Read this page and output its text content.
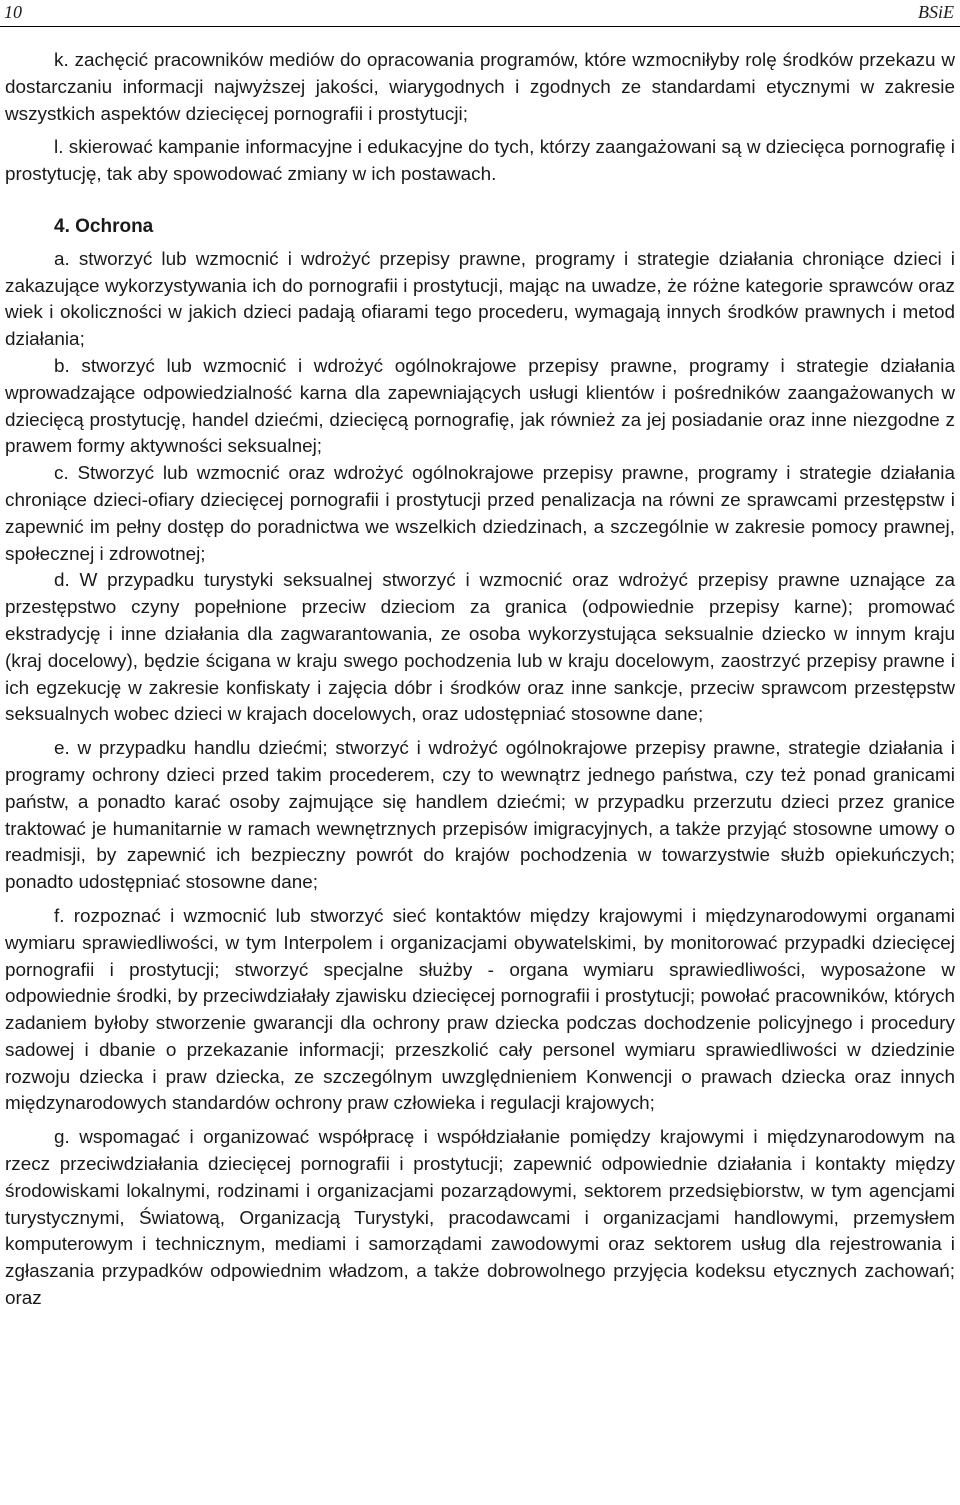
10	BSiE

k. zachęcić pracowników mediów do opracowania programów, które wzmocniłyby rolę środków przekazu w dostarczaniu informacji najwyższej jakości, wiarygodnych i zgodnych ze standardami etycznymi w zakresie wszystkich aspektów dziecięcej pornografii i prostytucji;

l. skierować kampanie informacyjne i edukacyjne do tych, którzy zaangażowani są w dziecięca pornografię i prostytucję, tak aby spowodować zmiany w ich postawach.

4. Ochrona

a. stworzyć lub wzmocnić i wdrożyć przepisy prawne, programy i strategie działania chroniące dzieci i zakazujące wykorzystywania ich do pornografii i prostytucji, mając na uwadze, że różne kategorie sprawców oraz wiek i okoliczności w jakich dzieci padają ofiarami tego procederu, wymagają innych środków prawnych i metod działania;

b. stworzyć lub wzmocnić i wdrożyć ogólnokrajowe przepisy prawne, programy i strategie działania wprowadzające odpowiedzialność karna dla zapewniających usługi klientów i pośredników zaangażowanych w dziecięcą prostytucję, handel dziećmi, dziecięcą pornografię, jak również za jej posiadanie oraz inne niezgodne z prawem formy aktywności seksualnej;

c. Stworzyć lub wzmocnić oraz wdrożyć ogólnokrajowe przepisy prawne, programy i strategie działania chroniące dzieci-ofiary dziecięcej pornografii i prostytucji przed penalizacja na równi ze sprawcami przestępstw i zapewnić im pełny dostęp do poradnictwa we wszelkich dziedzinach, a szczególnie w zakresie pomocy prawnej, społecznej i zdrowotnej;

d. W przypadku turystyki seksualnej stworzyć i wzmocnić oraz wdrożyć przepisy prawne uznające za przestępstwo czyny popełnione przeciw dzieciom za granica (odpowiednie przepisy karne); promować ekstradycję i inne działania dla zagwarantowania, ze osoba wykorzystująca seksualnie dziecko w innym kraju (kraj docelowy), będzie ścigana w kraju swego pochodzenia lub w kraju docelowym, zaostrzyć przepisy prawne i ich egzekucję w zakresie konfiskaty i zajęcia dóbr i środków oraz inne sankcje, przeciw sprawcom przestępstw seksualnych wobec dzieci w krajach docelowych, oraz udostępniać stosowne dane;

e. w przypadku handlu dziećmi; stworzyć i wdrożyć ogólnokrajowe przepisy prawne, strategie działania i programy ochrony dzieci przed takim procederem, czy to wewnątrz jednego państwa, czy też ponad granicami państw, a ponadto karać osoby zajmujące się handlem dziećmi; w przypadku przerzutu dzieci przez granice traktować je humanitarnie w ramach wewnętrznych przepisów imigracyjnych, a także przyjąć stosowne umowy o readmisji, by zapewnić ich bezpieczny powrót do krajów pochodzenia w towarzystwie służb opiekuńczych; ponadto udostępniać stosowne dane;

f. rozpoznać i wzmocnić lub stworzyć sieć kontaktów między krajowymi i międzynarodowymi organami wymiaru sprawiedliwości, w tym Interpolem i organizacjami obywatelskimi, by monitorować przypadki dziecięcej pornografii i prostytucji; stworzyć specjalne służby - organa wymiaru sprawiedliwości, wyposażone w odpowiednie środki, by przeciwdziałały zjawisku dziecięcej pornografii i prostytucji; powołać pracowników, których zadaniem byłoby stworzenie gwarancji dla ochrony praw dziecka podczas dochodzenie policyjnego i procedury sadowej i dbanie o przekazanie informacji; przeszkolić cały personel wymiaru sprawiedliwości w dziedzinie rozwoju dziecka i praw dziecka, ze szczególnym uwzględnieniem Konwencji o prawach dziecka oraz innych międzynarodowych standardów ochrony praw człowieka i regulacji krajowych;

g. wspomagać i organizować współpracę i współdziałanie pomiędzy krajowymi i międzynarodowym na rzecz przeciwdziałania dziecięcej pornografii i prostytucji; zapewnić odpowiednie działania i kontakty między środowiskami lokalnymi, rodzinami i organizacjami pozarządowymi, sektorem przedsiębiorstw, w tym agencjami turystycznymi, Światową, Organizacją Turystyki, pracodawcami i organizacjami handlowymi, przemysłem komputerowym i technicznym, mediami i samorządami zawodowymi oraz sektorem usług dla rejestrowania i zgłaszania przypadków odpowiednim władzom, a także dobrowolnego przyjęcia kodeksu etycznych zachowań; oraz
